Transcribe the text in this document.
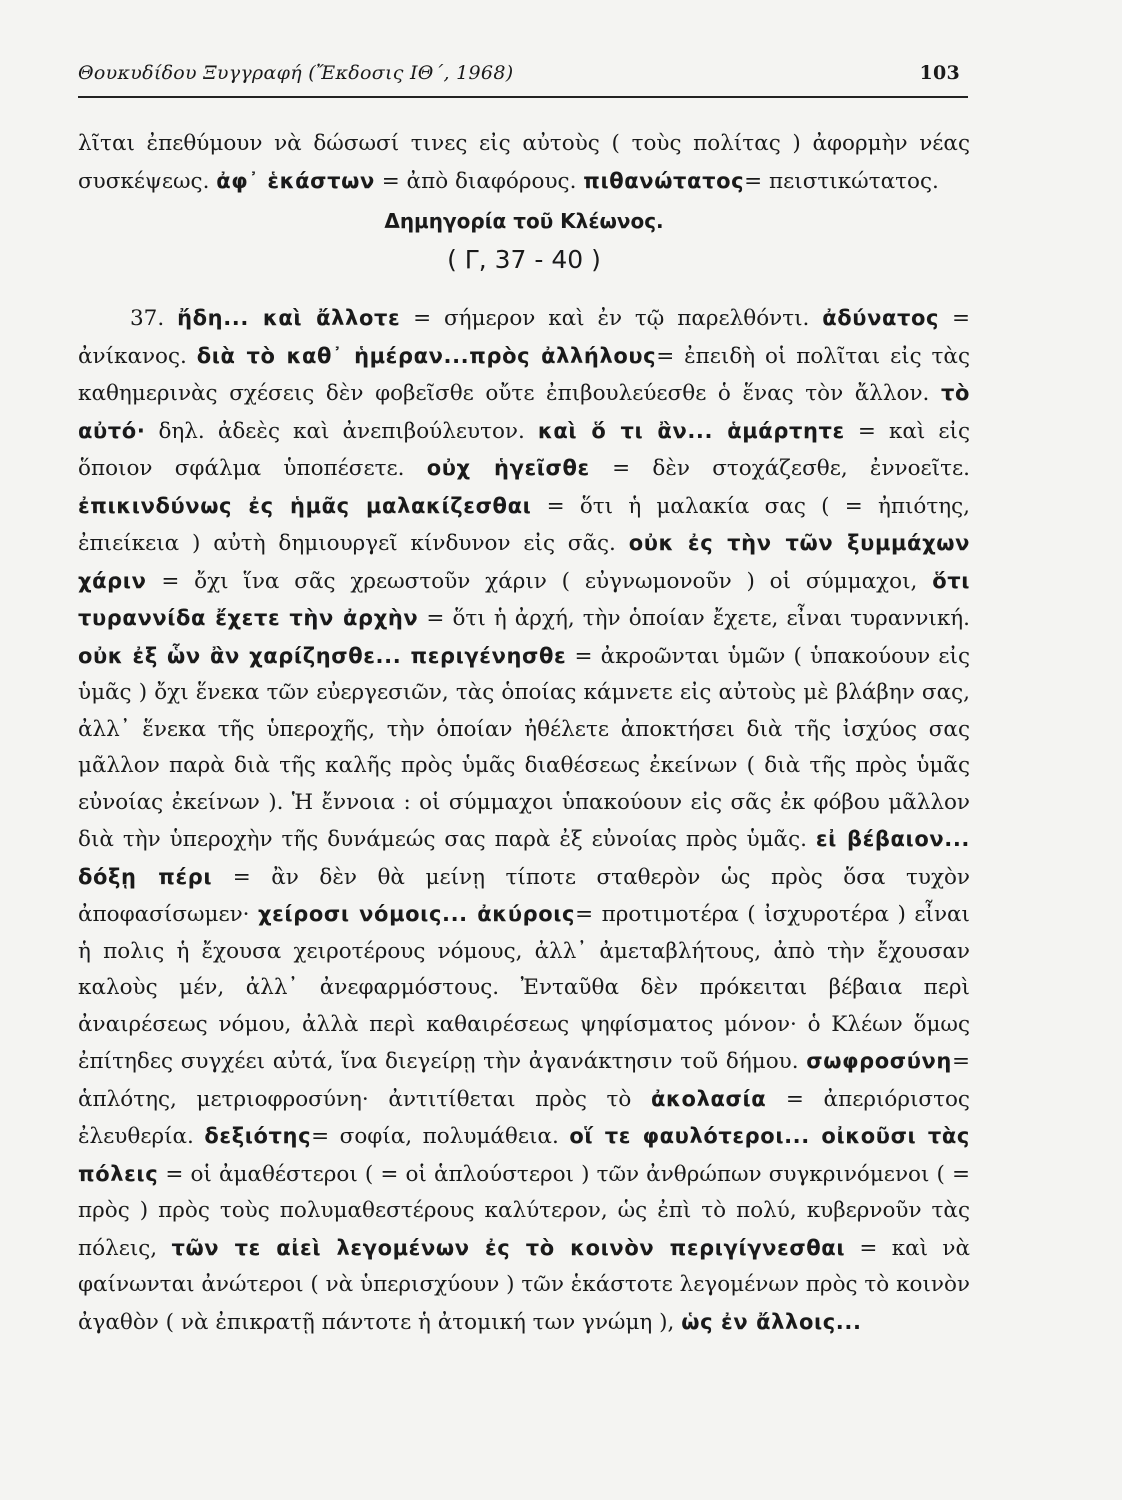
Θουκυδίδου Ξυγγραφή (Ἔκδοσις ΙΘ΄, 1968)	103

λῖται ἐπεθύμουν νὰ δώσωσί τινες εἰς αὐτοὺς ( τοὺς πολίτας ) ἀφορμὴν νέας συσκέψεως. ἀφ᾽ ἑκάστων = ἀπὸ διαφόρους. πιθανώτατος= πειστικώτατος.

Δημηγορία τοῦ Κλέωνος.
( Γ, 37 - 40 )

37. ἤδη... καὶ ἄλλοτε = σήμερον καὶ ἐν τῷ παρελθόντι. ἀδύνατος = ἀνίκανος. διὰ τὸ καθ᾽ ἡμέραν...πρὸς ἀλλήλους= ἐπειδὴ οἱ πολῖται εἰς τὰς καθημερινὰς σχέσεις δὲν φοβεῖσθε οὔτε ἐπιβουλεύεσθε ὁ ἕνας τὸν ἄλλον. τὸ αὐτό· δηλ. ἀδεὲς καὶ ἀνεπιβούλευτον. καὶ ὅ τι ἂν... ἁμάρτητε = καὶ εἰς ὅποιον σφάλμα ὑποπέσετε. οὐχ ἡγεῖσθε = δὲν στοχάζεσθε, ἐννοεῖτε. ἐπικινδύνως ἐς ἡμᾶς μαλακίζεσθαι = ὅτι ἡ μαλακία σας ( = ἠπιότης, ἐπιείκεια ) αὐτὴ δημιουργεῖ κίνδυνον εἰς σᾶς. οὐκ ἐς τὴν τῶν ξυμμάχων χάριν = ὄχι ἵνα σᾶς χρεωστοῦν χάριν ( εὐγνωμονοῦν ) οἱ σύμμαχοι, ὅτι τυραννίδα ἔχετε τὴν ἀρχὴν = ὅτι ἡ ἀρχή, τὴν ὁποίαν ἔχετε, εἶναι τυραννική. οὐκ ἐξ ὧν ἂν χαρίζησθε... περιγένησθε = ἀκροῶνται ὑμῶν ( ὑπακούουν εἰς ὑμᾶς ) ὄχι ἕνεκα τῶν εὐεργεσιῶν, τὰς ὁποίας κάμνετε εἰς αὐτοὺς μὲ βλάβην σας, ἀλλ᾽ ἕνεκα τῆς ὑπεροχῆς, τὴν ὁποίαν ἠθέλετε ἀποκτήσει διὰ τῆς ἰσχύος σας μᾶλλον παρὰ διὰ τῆς καλῆς πρὸς ὑμᾶς διαθέσεως ἐκείνων ( διὰ τῆς πρὸς ὑμᾶς εὐνοίας ἐκείνων ). Ἡ ἔννοια : οἱ σύμμαχοι ὑπακούουν εἰς σᾶς ἐκ φόβου μᾶλλον διὰ τὴν ὑπεροχὴν τῆς δυνάμεώς σας παρὰ ἐξ εὐνοίας πρὸς ὑμᾶς. εἰ βέβαιον... δόξῃ πέρι = ἂν δὲν θὰ μείνῃ τίποτε σταθερὸν ὡς πρὸς ὅσα τυχὸν ἀποφασίσωμεν· χείροσι νόμοις... ἀκύροις= προτιμοτέρα ( ἰσχυροτέρα ) εἶναι ἡ πολις ἡ ἔχουσα χειροτέρους νόμους, ἀλλ᾽ ἀμεταβλήτους, ἀπὸ τὴν ἔχουσαν καλοὺς μέν, ἀλλ᾽ ἀνεφαρμόστους. Ἐνταῦθα δὲν πρόκειται βέβαια περὶ ἀναιρέσεως νόμου, ἀλλὰ περὶ καθαιρέσεως ψηφίσματος μόνον· ὁ Κλέων ὅμως ἐπίτηδες συγχέει αὐτά, ἵνα διεγείρῃ τὴν ἀγανάκτησιν τοῦ δήμου. σωφροσύνη= ἁπλότης, μετριοφροσύνη· ἀντιτίθεται πρὸς τὸ ἀκολασία = ἀπεριόριστος ἐλευθερία. δεξιότης= σοφία, πολυμάθεια. οἵ τε φαυλότεροι... οἰκοῦσι τὰς πόλεις = οἱ ἀμαθέστεροι ( = οἱ ἁπλούστεροι ) τῶν ἀνθρώπων συγκρινόμενοι ( = πρὸς ) πρὸς τοὺς πολυμαθεστέρους καλύτερον, ὡς ἐπὶ τὸ πολύ, κυβερνοῦν τὰς πόλεις, τῶν τε αἰεὶ λεγομένων ἐς τὸ κοινὸν περιγίγνεσθαι = καὶ νὰ φαίνωνται ἀνώτεροι ( νὰ ὑπερισχύουν ) τῶν ἑκάστοτε λεγομένων πρὸς τὸ κοινὸν ἀγαθὸν ( νὰ ἐπικρατῇ πάντοτε ἡ ἀτομική των γνώμη ), ὡς ἐν ἄλλοις...
